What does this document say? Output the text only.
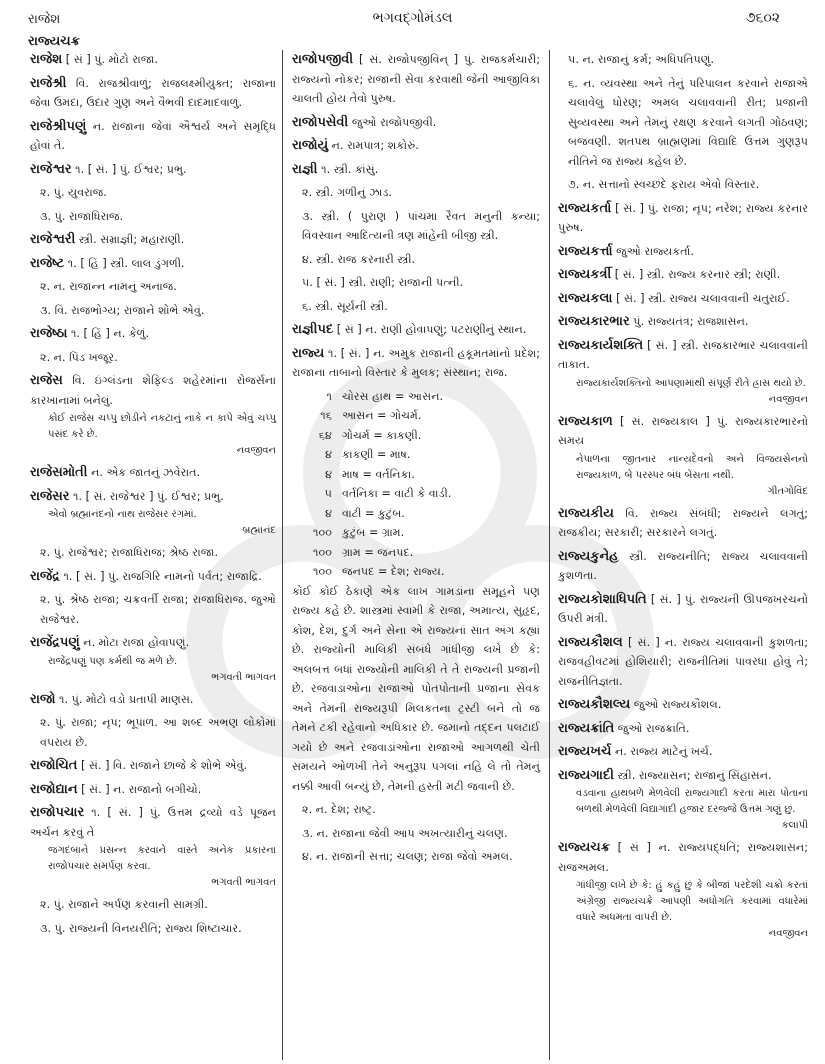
રાજેશ
રાજ્યચક્ર
ભગવદ્ગોમંડલ	૭૬૦૨
રાજેશ [ સં ] પું. મોટો રાજા.
રાજેશ્રી વિ. રાજશ્રીવાળું; રાજલક્ષ્મીયુક્ત; રાજાના જેવા ઉમદા, ઉદાર ગુણ અને વૈભવી દાદમાદવાળું.
રાજેશ્રીપણું ન. રાજાના જેવાં ઐશ્વર્ય અને સમૃદ્ધિ હોવાં તે.
રાજેશ્વર ૧. [ સં. ] પું. ઈશ્વર; પ્રભુ.
૨. પું. યુવરાજ.
૩. પું. રાજાધિરાજ.
રાજેશ્વરી સ્ત્રી. સમ્રાજ્ઞી; મહારાણી.
રાજેષ્ટ ૧. [ હિં ] સ્ત્રી. લાલ ડુંગળી.
૨. ન. રાજાન્ન નામનું અનાજ.
૩. વિ. રાજભોગ્ય; રાજાને શોભે એવું.
રાજેષ્ઠા ૧. [ હિં ] ન. કેળું.
૨. ન. પિંડ ખજૂર.
રાજેસ વિ. ઇંગ્લંડના શેફિલ્ડ શહેરમાંના રોજર્સના કારખાનામાં બનેલું.
કોઈ રાજેસ ચપ્પુ છોડીને નકટાનું નાકે ન કાપે એવું ચપ્પુ પસંદ કરે છે.
નવજીવન
રાજેસમોતી ન. એક જાતનું ઝવેરાત.
રાજેસર ૧. [ સં. રાજેશ્વર ] પું. ઈશ્વર; પ્રભુ.
એવો બ્રહ્માનંદનો નાથ રાજેસર રંગમાં.
બ્રહ્માનંદ
૨. પું. રાજેશ્વર; રાજાધિરાજ; શ્રેષ્ઠ રાજા.
રાજેંદ્ર ૧. [ સં. ] પું. રાજગિરિ નામનો પર્વત; રાજાદ્રિ.
૨. પું. શ્રેષ્ઠ રાજા; ચક્રવર્તી રાજા; રાજાધિરાજ. જુઓ રાજેશ્વર.
રાજેંદ્રપણું ન. મોટા રાજા હોવાપણું.
રાજેંદ્રપણું પણ કર્મથી જ મળે છે.
ભગવતી ભાગવત
રાજો ૧. પું. મોટો વડો પ્રતાપી માણસ.
૨. પું. રાજા; નૃપ; ભૂપાળ. આ શબ્દ અભણ લોકોમાં વપરાય છે.
રાજોચિત [ સં. ] વિ. રાજાને છાજે કે શોભે એવું.
રાજોદ્યાન [ સં. ] ન. રાજાનો બગીચો.
રાજોપચાર ૧. [ સં. ] પું. ઉત્તમ દ્રવ્યો વડે પૂજન અર્ચન કરવું તે
જગદંબાને પ્રસન્ન કરવાને વાસ્તે અનેક પ્રકારના રાજોપચાર સમર્પણ કરવા.
ભગવતી ભાગવત
૨. પું. રાજાને અર્પણ કરવાની સામગ્રી.
૩. પું. રાજ્યની વિનયરીતિ; રાજ્ય શિષ્ટાચાર.
રાજોપજીવી [ સં. રાજોપજીવિન્ ] પું. રાજકર્મચારી; રાજ્યનો નોકર; રાજાની સેવા કરવાથી જેની આજીવિકા ચાલતી હોય તેવો પુરુષ.
રાજોપસેવી જુઓ રાજોપજીવી.
રાજોયું ન. રામપાત્ર; શકોરું.
રાજ્ઞી ૧. સ્ત્રી. કાંસું.
૨. સ્ત્રી. ગળીનું ઝાડ.
૩. સ્ત્રી. ( પુરાણ ) પાંચમા રૈવત મનુની કન્યા; વિવસ્વાન આદિત્યની ત્રણ માંહેની બીજી સ્ત્રી.
૪. સ્ત્રી. રાજ કરનારી સ્ત્રી.
૫. [ સં. ] સ્ત્રી. રાણી; રાજાની પત્ની.
૬. સ્ત્રી. સૂર્યની સ્ત્રી.
રાજ્ઞીપદ [ સં ] ન. રાણી હોવાપણું; પટરાણીનું સ્થાન.
રાજ્ય ૧. [ સં. ] ન. અમુક રાજાની હકૂમતમાંનો પ્રદેશ; રાજાના તાબાનો વિસ્તાર કે મુલક; સંસ્થાન; રાજ.
૧ ચોરસ હાથ = આસન.
૧૬ આસન = ગોચર્મ.
૬૪ ગોચર્મ = કાકણી.
૪ કાકણી = માષ.
૪ માષ = વર્તનિકા.
૫ વર્તનિકા = વાટી કે વાડી.
૪ વાટી = કુટુંબ.
૧૦૦ કુટુંબ = ગ્રામ.
૧૦૦ ગ્રામ = જનપદ.
૧૦૦ જનપદ = દેશ; રાજ્ય.
કોઈ કોઈ ઠેકાણે એક લાખ ગામડાંના સમૂહને પણ રાજ્ય કહે છે. શાસ્ત્રમાં સ્વામી કે રાજા, અમાત્ય, સુહૃદ, કોશ, દેશ, દુર્ગ અને સેના એ રાજ્યનાં સાત અંગ કહ્યાં છે. રાજ્યોની માલિકી સંબંધે ગાંધીજી લખે છે કે: અલબત્ત બધાં રાજ્યોની માલિકી તે તે રાજ્યની પ્રજાની છે. રજવાડાંઓના રાજાઓ પોતપોતાની પ્રજાના સેવક અને તેમની રાજ્યરૂપી મિલકતના ટ્રસ્ટી બને તો જ તેમને ટકી રહેવાનો અધિકાર છે. જમાનો તદ્દન પલટાઈ ગયો છે અને રજવાડાંઓના રાજાઓ આગળથી ચેતી સમયને ઓળખી તેને અનુરૂપ પગલાં નહિ લે તો તેમનું નક્કી આવી બન્યું છે, તેમની હસ્તી મટી જવાની છે.
૨. ન. દેશ; રાષ્ટ્ર.
૩. ન. રાજાના જેવી આપ અખત્યારીનું ચલણ.
૪. ન. રાજાની સત્તા; ચલણ; રાજા જેવો અમલ.
૫. ન. રાજાનું કર્મ; અધિપતિપણું.
૬. ન. વ્યવસ્થા અને તેનું પરિપાલન કરવાને રાજાએ ચલાવેલું ધોરણ; અમલ ચલાવવાની રીત; પ્રજાની સુવ્યવસ્થા અને તેમનું રક્ષણ કરવાને લગતી ગોઠવણ; બજવણી. શતપથ બ્રાહ્મણમાં વિદ્યાદિ ઉત્તમ ગુણરૂપ નીતિને જ રાજ્ય કહેલ છે.
૭. ન. સત્તાનો સ્વચ્છંદે ફરાય એવો વિસ્તાર.
રાજ્યકર્તા [ સં. ] પું. રાજા; નૃપ; નરેશ; રાજ્ય કરનાર પુરુષ.
રાજ્યકર્ત્તા જુઓ રાજ્યકર્તા.
રાજ્યકર્ત્રી [ સં. ] સ્ત્રી. રાજ્ય કરનાર સ્ત્રી; રાણી.
રાજ્યકલા [ સં. ] સ્ત્રી. રાજ્ય ચલાવવાની ચતુરાઈ.
રાજ્યકારભાર પું. રાજ્યતંત્ર; રાજશાસન.
રાજ્યકાર્યશક્તિ [ સં. ] સ્ત્રી. રાજકારભાર ચલાવવાની તાકાત.
રાજ્યકાર્યશક્તિનો આપણામાંથી સંપૂર્ણ રીતે હ્રાસ થયો છે.
નવજીવન
રાજ્યકાળ [ સં. રાજ્યકાલ ] પું. રાજ્યકારભારનો સમય
નેપાળના જીતનાર નાન્યદેવનો અને વિજયસેનનો રાજ્યકાળ, બે પરસ્પર બંધ બેસતા નથી.
ગીતગોવિંદ
રાજ્યકીય વિ. રાજ્ય સંબંધી; રાજ્યને લગતું; રાજકીય; સરકારી; સરકારને લગતું.
રાજ્યકુનેહ સ્ત્રી. રાજ્યનીતિ; રાજ્ય ચલાવવાની કુશળતા.
રાજ્યકોશાધિપતિ [ સં. ] પું. રાજ્યની ઊપજખરચનો ઉપરી મંત્રી.
રાજ્યકૌશલ [ સં. ] ન. રાજ્ય ચલાવવાની કુશળતા; રાજવહીવટમાં હોશિયારી; રાજનીતિમાં પાવરધા હોવું તે; રાજનીતિજ્ઞતા.
રાજ્યકૌશલ્ય જુઓ રાજ્યકૌશલ.
રાજ્યક્રાંતિ જુઓ રાજક્રાંતિ.
રાજ્યખર્ચ ન. રાજ્ય માટેનું ખર્ચ.
રાજ્યગાદી સ્ત્રી. રાજ્યાસન; રાજાનું સિંહાસન.
વડવાના હાથબળે મેળવેલી રાજ્યગાદી કરતાં મારા પોતાના બળથી મેળવેલી વિદ્યાગાદી હજાર દરજ્જે ઉત્તમ ગણું છું.
કલાપી
રાજ્યચક્ર [ સં ] ન. રાજ્યપદ્ધતિ; રાજ્યશાસન; રાજઅમલ.
ગાંધીજી લખે છે કે: હું કહું છું કે બીજાં પરદેશી ચક્રો કરતાં અંગ્રેજી રાજ્યચક્રે આપણી અધોગતિ કરવામાં વધારેમાં વધારે અધમતા વાપરી છે.
નવજીવન
